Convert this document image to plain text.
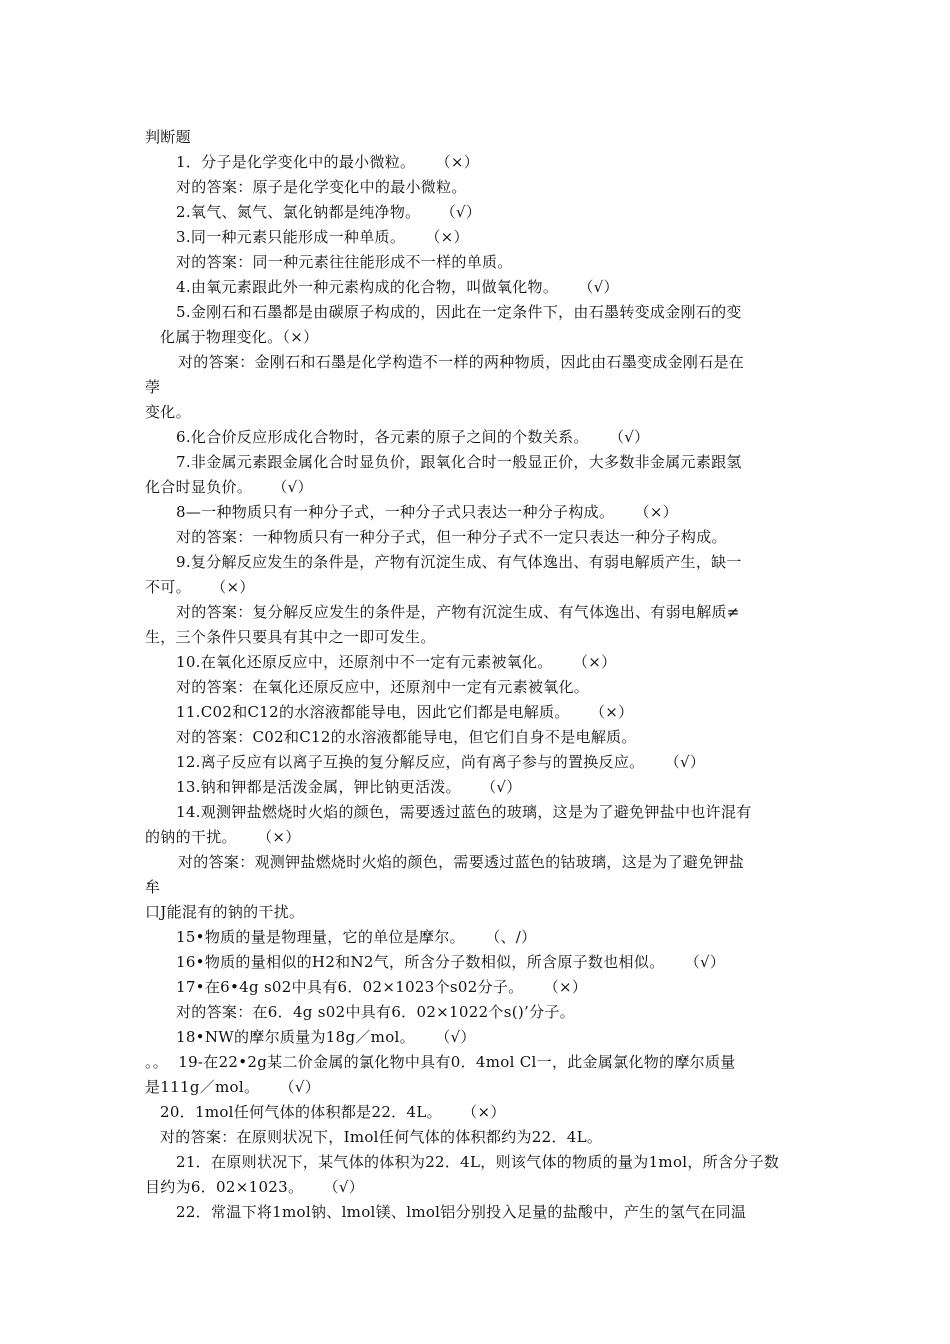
判断题
1．分子是化学变化中的最小微粒。    （×）
对的答案：原子是化学变化中的最小微粒。
2.氧气、氮气、氯化钠都是纯净物。    （√）
3.同一种元素只能形成一种单质。    （×）
对的答案：同一种元素往往能形成不一样的单质。
4.由氧元素跟此外一种元素构成的化合物，叫做氧化物。    （√）
5.金刚石和石墨都是由碳原子构成的，因此在一定条件下，由石墨转变成金刚石的变
化属于物理变化。（×）
对的答案：金刚石和石墨是化学构造不一样的两种物质，因此由石墨变成金刚石是在
荸
变化。
6.化合价反应形成化合物时，各元素的原子之间的个数关系。    （√）
7.非金属元素跟金属化合时显负价，跟氧化合时一般显正价，大多数非金属元素跟氢
化合时显负价。    （√）
8—一种物质只有一种分子式，一种分子式只表达一种分子构成。    （×）
对的答案：一种物质只有一种分子式，但一种分子式不一定只表达一种分子构成。
9.复分解反应发生的条件是，产物有沉淀生成、有气体逸出、有弱电解质产生，缺一
不可。    （×）
对的答案：复分解反应发生的条件是，产物有沉淀生成、有气体逸出、有弱电解质≠
生，三个条件只要具有其中之一即可发生。
10.在氧化还原反应中，还原剂中不一定有元素被氧化。    （×）
对的答案：在氧化还原反应中，还原剂中一定有元素被氧化。
11.C02和C12的水溶液都能导电，因此它们都是电解质。    （×）
对的答案：C02和C12的水溶液都能导电，但它们自身不是电解质。
12.离子反应有以离子互换的复分解反应，尚有离子参与的置换反应。    （√）
13.钠和钾都是活泼金属，钾比钠更活泼。    （√）
14.观测钾盐燃烧时火焰的颜色，需要透过蓝色的玻璃，这是为了避免钾盐中也许混有
的钠的干扰。    （×）
对的答案：观测钾盐燃烧时火焰的颜色，需要透过蓝色的钴玻璃，这是为了避免钾盐
牟
口J能混有的钠的干扰。
15•物质的量是物理量，它的单位是摩尔。    （、/）
16•物质的量相似的H2和N2气，所含分子数相似，所含原子数也相似。    （√）
17•在6•4g s02中具有6．02×1023个s02分子。    （×）
对的答案：在6．4g s02中具有6．02×1022个s()’分子。
18•NW的摩尔质量为18g／mol。    （√）
。。  19-在22•2g某二价金属的氯化物中具有0．4mol Cl一，此金属氯化物的摩尔质量
是111g／mol。    （√）
20．1mol任何气体的体积都是22．4L。    （×）
对的答案：在原则状况下，Imol任何气体的体积都约为22．4L。
21．在原则状况下，某气体的体积为22．4L，则该气体的物质的量为1mol，所含分子数
目约为6．02×1023。    （√）
22．常温下将1mol钠、lmol镁、lmol铝分别投入足量的盐酸中，产生的氢气在同温
